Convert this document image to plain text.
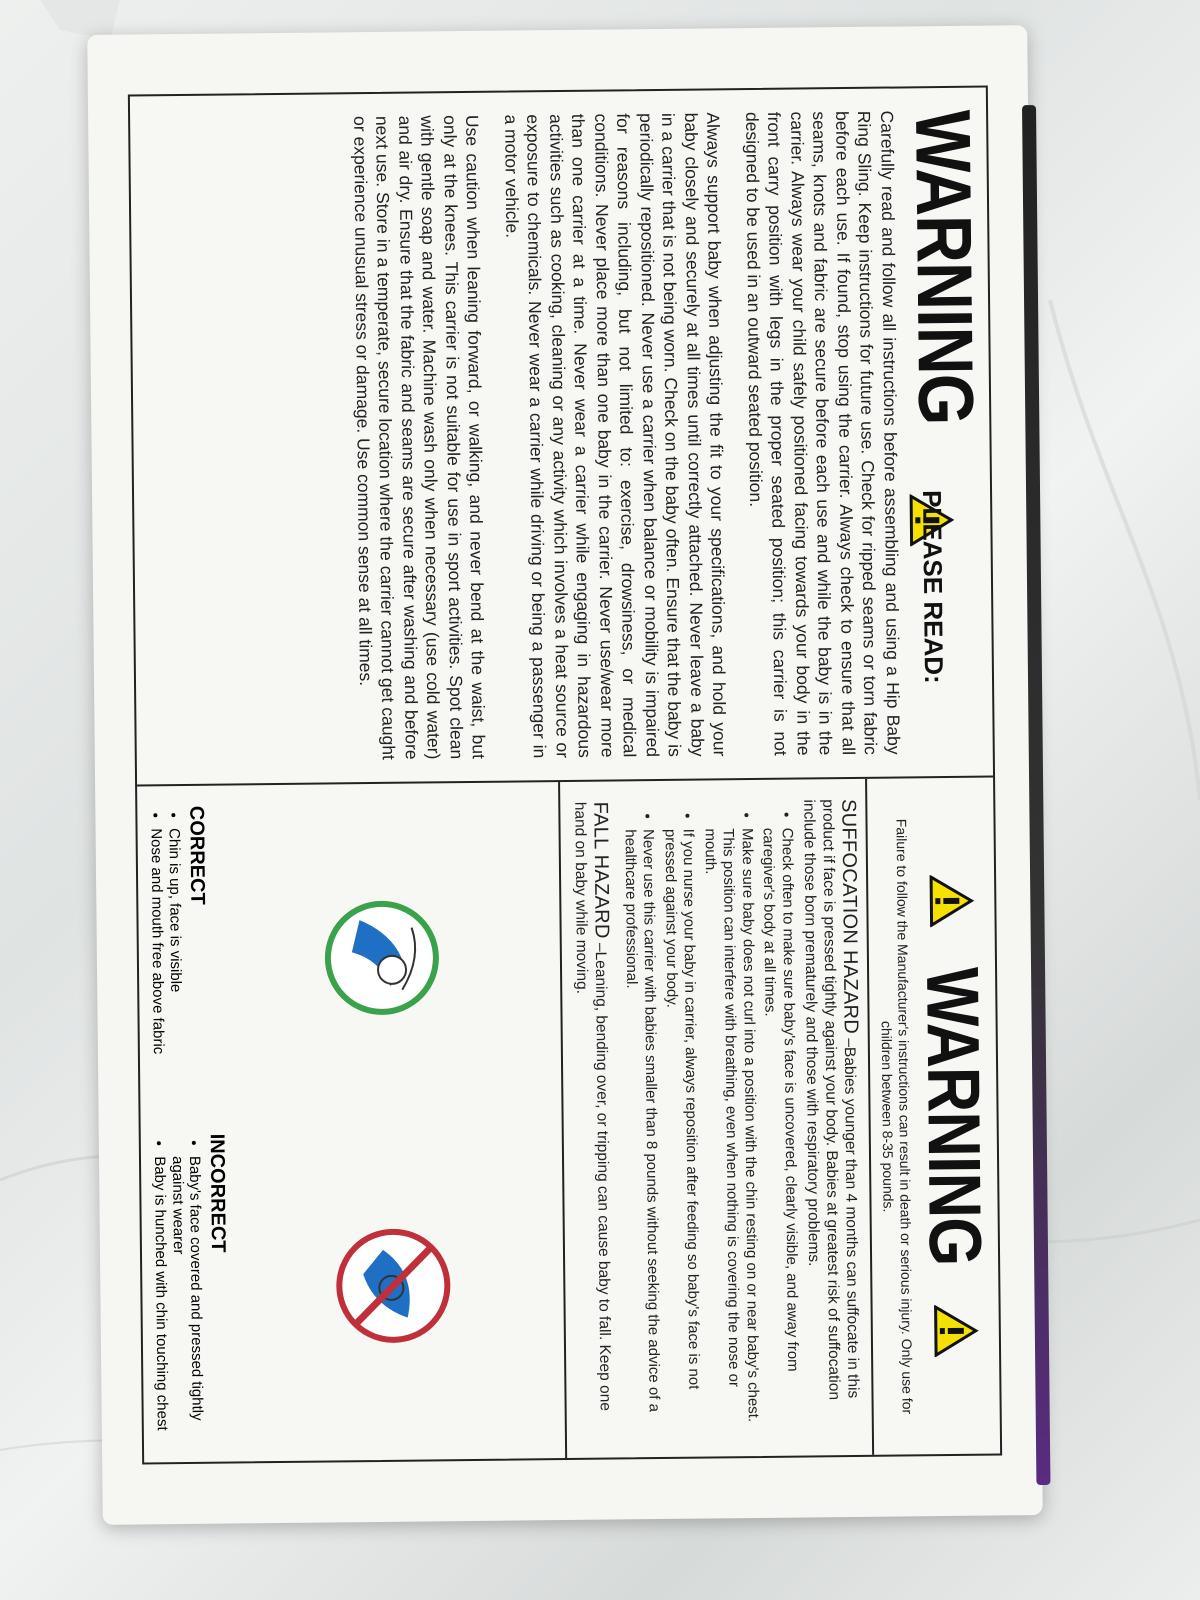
WARNING
PLEASE READ:

Carefully read and follow all instructions before assembling and using a Hip Baby Ring Sling. Keep instructions for future use. Check for ripped seams or torn fabric before each use. If found, stop using the carrier. Always check to ensure that all seams, knots and fabric are secure before each use and while the baby is in the carrier. Always wear your child safely positioned facing towards your body in the front carry position with legs in the proper seated position; this carrier is not designed to be used in an outward seated position.

Always support baby when adjusting the fit to your specifications, and hold your baby closely and securely at all times until correctly attached. Never leave a baby in a carrier that is not being worn. Check on the baby often. Ensure that the baby is periodically repositioned. Never use a carrier when balance or mobility is impaired for reasons including, but not limited to: exercise, drowsiness, or medical conditions. Never place more than one baby in the carrier. Never use/wear more than one carrier at a time. Never wear a carrier while engaging in hazardous activities such as cooking, cleaning or any activity which involves a heat source or exposure to chemicals. Never wear a carrier while driving or being a passenger in a motor vehicle.

Use caution when leaning forward, or walking, and never bend at the waist, but only at the knees. This carrier is not suitable for use in sport activities. Spot clean with gentle soap and water. Machine wash only when necessary (use cold water) and air dry. Ensure that the fabric and seams are secure after washing and before next use. Store in a temperate, secure location where the carrier cannot get caught or experience unusual stress or damage. Use common sense at all times.

WARNING
Failure to follow the Manufacturer's instructions can result in death or serious injury. Only use for children between 8-35 pounds.

SUFFOCATION HAZARD –Babies younger than 4 months can suffocate in this product if face is pressed tightly against your body. Babies at greatest risk of suffocation include those born prematurely and those with respiratory problems.

• Check often to make sure baby's face is uncovered, clearly visible, and away from caregiver's body at all times.
• Make sure baby does not curl into a position with the chin resting on or near baby's chest. This position can interfere with breathing, even when nothing is covering the nose or mouth.
• If you nurse your baby in carrier, always reposition after feeding so baby's face is not pressed against your body.
• Never use this carrier with babies smaller than 8 pounds without seeking the advice of a healthcare professional.

FALL HAZARD –Leaning, bending over, or tripping can cause baby to fall. Keep one hand on baby while moving.

CORRECT
• Chin is up, face is visible
• Nose and mouth free above fabric
INCORRECT
• Baby's face covered and pressed tightly against wearer
• Baby is hunched with chin touching chest
